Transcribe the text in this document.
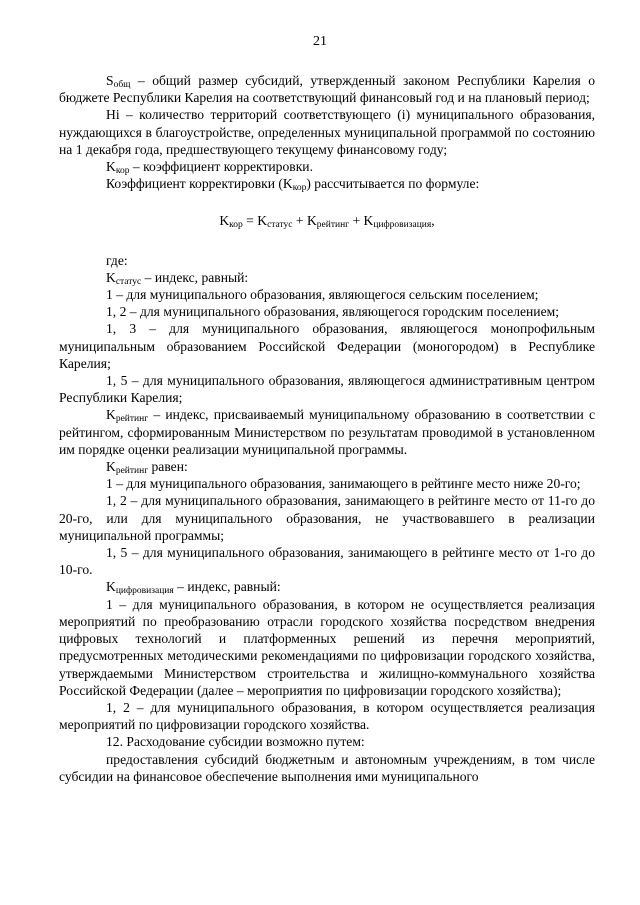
21

$S_{общ}$ – общий размер субсидий, утвержденный законом Республики Карелия о бюджете Республики Карелия на соответствующий финансовый год и на плановый период;

Hi – количество территорий соответствующего (i) муниципального образования, нуждающихся в благоустройстве, определенных муниципальной программой по состоянию на 1 декабря года, предшествующего текущему финансовому году;

$K_{кор}$ – коэффициент корректировки.

Коэффициент корректировки $(K_{кор})$ рассчитывается по формуле:

$K_{кор} = K_{статус} + K_{рейтинг} + K_{цифровизация}$,

где:

$K_{статус}$ – индекс, равный:

1 – для муниципального образования, являющегося сельским поселением;

1, 2 – для муниципального образования, являющегося городским поселением;

1, 3 – для муниципального образования, являющегося монопрофильным муниципальным образованием Российской Федерации (моногородом) в Республике Карелия;

1, 5 – для муниципального образования, являющегося административным центром Республики Карелия;

$K_{рейтинг}$ – индекс, присваиваемый муниципальному образованию в соответствии с рейтингом, сформированным Министерством по результатам проводимой в установленном им порядке оценки реализации муниципальной программы.

$K_{рейтинг}$ равен:

1 – для муниципального образования, занимающего в рейтинге место ниже 20-го;

1, 2 – для муниципального образования, занимающего в рейтинге место от 11-го до 20-го, или для муниципального образования, не участвовавшего в реализации муниципальной программы;

1, 5 – для муниципального образования, занимающего в рейтинге место от 1-го до 10-го.

$K_{цифровизация}$ – индекс, равный:

1 – для муниципального образования, в котором не осуществляется реализация мероприятий по преобразованию отрасли городского хозяйства посредством внедрения цифровых технологий и платформенных решений из перечня мероприятий, предусмотренных методическими рекомендациями по цифровизации городского хозяйства, утверждаемыми Министерством строительства и жилищно-коммунального хозяйства Российской Федерации (далее – мероприятия по цифровизации городского хозяйства);

1, 2 – для муниципального образования, в котором осуществляется реализация мероприятий по цифровизации городского хозяйства.

12. Расходование субсидии возможно путем:

предоставления субсидий бюджетным и автономным учреждениям, в том числе субсидии на финансовое обеспечение выполнения ими муниципального
